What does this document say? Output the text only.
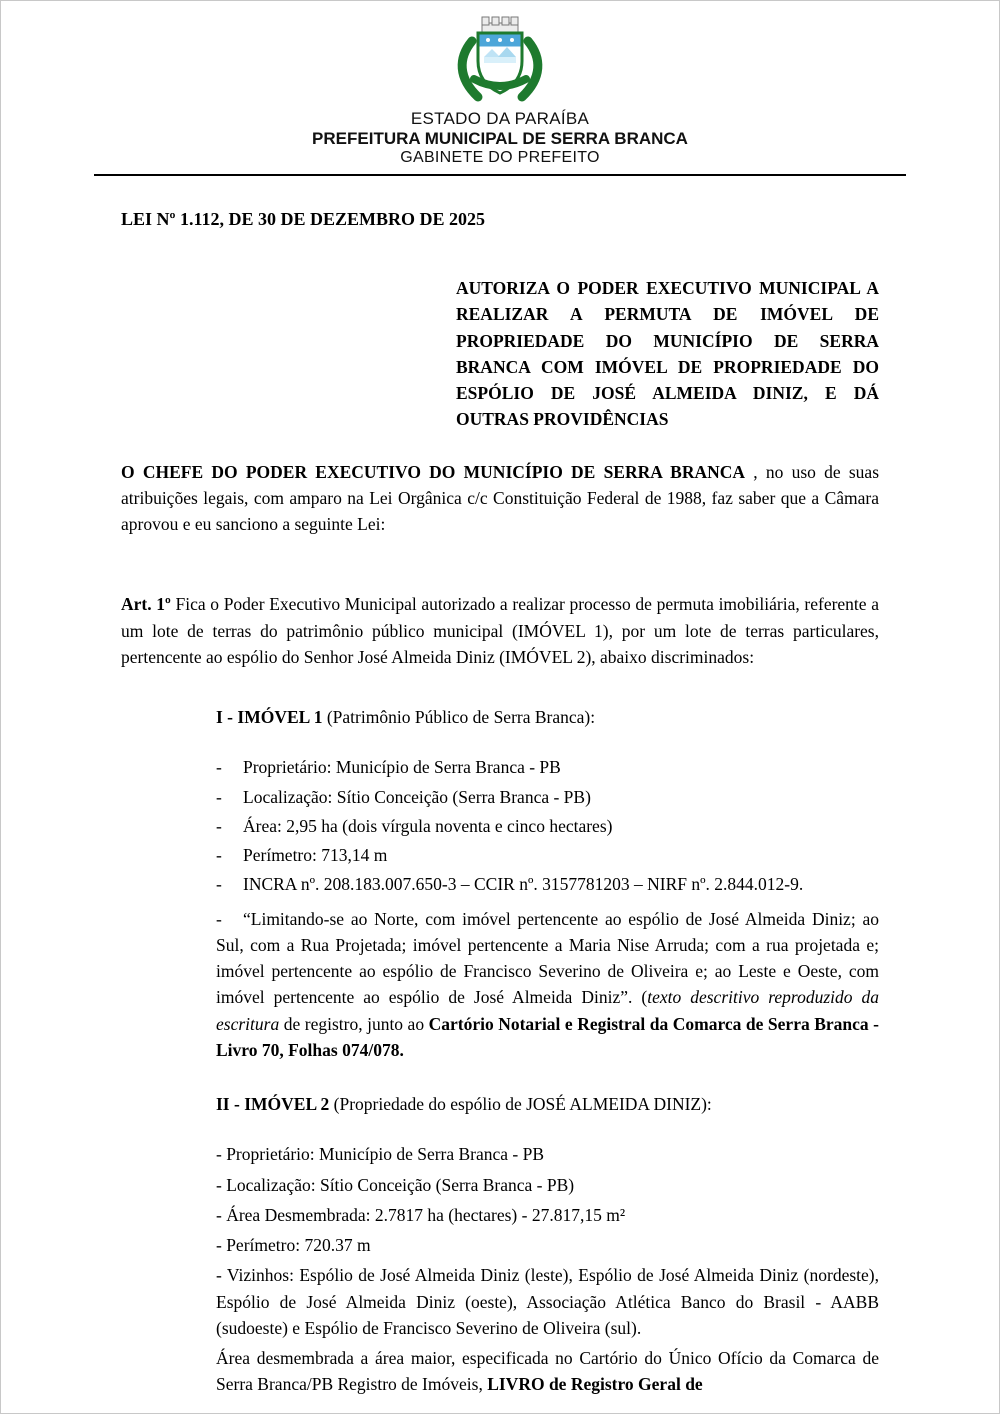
ESTADO DA PARAÍBA
PREFEITURA MUNICIPAL DE SERRA BRANCA
GABINETE DO PREFEITO
LEI Nº 1.112, DE 30 DE DEZEMBRO DE 2025
AUTORIZA O PODER EXECUTIVO MUNICIPAL A REALIZAR A PERMUTA DE IMÓVEL DE PROPRIEDADE DO MUNICÍPIO DE SERRA BRANCA COM IMÓVEL DE PROPRIEDADE DO ESPÓLIO DE JOSÉ ALMEIDA DINIZ, E DÁ OUTRAS PROVIDÊNCIAS

O CHEFE DO PODER EXECUTIVO DO MUNICÍPIO DE SERRA BRANCA , no uso de suas atribuições legais, com amparo na Lei Orgânica c/c Constituição Federal de 1988, faz saber que a Câmara aprovou e eu sanciono a seguinte Lei:

Art. 1º Fica o Poder Executivo Municipal autorizado a realizar processo de permuta imobiliária, referente a um lote de terras do patrimônio público municipal (IMÓVEL 1), por um lote de terras particulares, pertencente ao espólio do Senhor José Almeida Diniz (IMÓVEL 2), abaixo discriminados:

I - IMÓVEL 1 (Patrimônio Público de Serra Branca):

- Proprietário: Município de Serra Branca - PB
- Localização: Sítio Conceição (Serra Branca - PB)
- Área: 2,95 ha (dois vírgula noventa e cinco hectares)
- Perímetro: 713,14 m
- INCRA nº. 208.183.007.650-3 – CCIR nº. 3157781203 – NIRF nº. 2.844.012-9.

- “Limitando-se ao Norte, com imóvel pertencente ao espólio de José Almeida Diniz; ao Sul, com a Rua Projetada; imóvel pertencente a Maria Nise Arruda; com a rua projetada e; imóvel pertencente ao espólio de Francisco Severino de Oliveira e; ao Leste e Oeste, com imóvel pertencente ao espólio de José Almeida Diniz”. (texto descritivo reproduzido da escritura de registro, junto ao Cartório Notarial e Registral da Comarca de Serra Branca - Livro 70, Folhas 074/078.

II - IMÓVEL 2 (Propriedade do espólio de JOSÉ ALMEIDA DINIZ):

- Proprietário: Município de Serra Branca - PB
- Localização: Sítio Conceição (Serra Branca - PB)
- Área Desmembrada: 2.7817 ha (hectares) - 27.817,15 m²
- Perímetro: 720.37 m
- Vizinhos: Espólio de José Almeida Diniz (leste), Espólio de José Almeida Diniz (nordeste), Espólio de José Almeida Diniz (oeste), Associação Atlética Banco do Brasil - AABB (sudoeste) e Espólio de Francisco Severino de Oliveira (sul).

Área desmembrada a área maior, especificada no Cartório do Único Ofício da Comarca de Serra Branca/PB Registro de Imóveis, LIVRO de Registro Geral de
